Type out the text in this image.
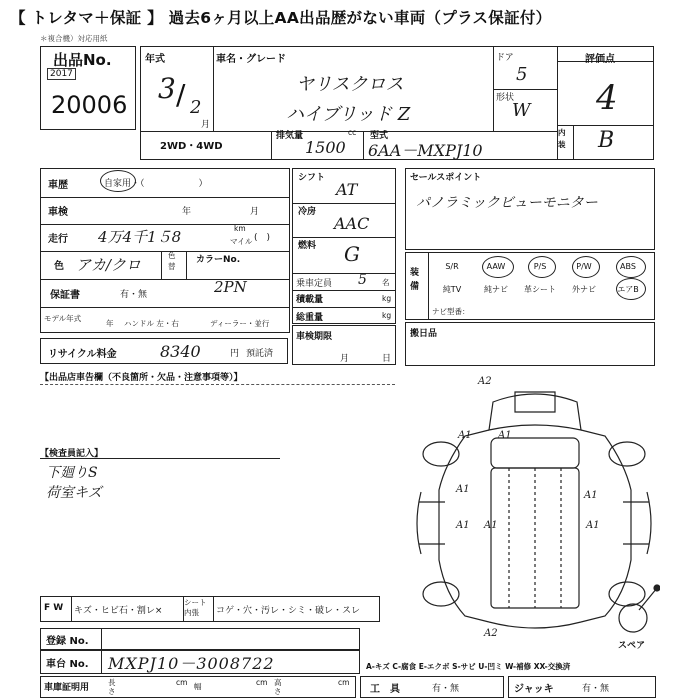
【 トレタマ＋保証 】 過去6ヶ月以上AA出品歴がない車両（プラス保証付）
＊複合機）対応用紙
出品No.
2017
20006
年式
3 / 2
月
車名・グレード
ヤリスクロス
ハイブリッド Z
ドア
5
形状
W
評価点
4
内装 B
2WD・4WD
排気量	cc
1500
型式
6AA－MXPJ10
車歴	自家用・（　　　　　　）
車検	年	月
走行 4万4千1５8	km
マイル (　)
色 アカ/クロ
色替
カラーNo.
2PN
保証書	有・無
モデル年式
年 ハンドル 左・右	ディーラー・並行
シフト
AT
冷房
AAC
燃料 G
乗車定員 5 名
積載量	kg
総重量	kg
車検期限
月	日
リサイクル料金	8340	円 預託済
セールスポイント
パノラミックビューモニター
装備
S/R	AAW	P/S	P/W	ABS
純TV	純ナビ	革シート	外ナビ	エアB
ナビ型番：
搬日品
【出品店車告欄（不良箇所・欠品・注意事項等）】
【検査員記入】
下廻りS
荷室キズ
A2
A1	A1
A1
A1
A1
A1	A1
A2
スペア
F W キズ・ヒビ石・割レ×
シート 内張	コゲ・穴・汚レ・シミ・破レ・スレ
登録 No.
車台 No. MXPJ10－3008722	A-キズ C-腐食 E-エクボ S-サビ U-凹ミ W-補修 XX-交換済
車庫証明用
長さ
cm 幅	cm 高さ
cm
工　具	有・無	ジャッキ	有・無
